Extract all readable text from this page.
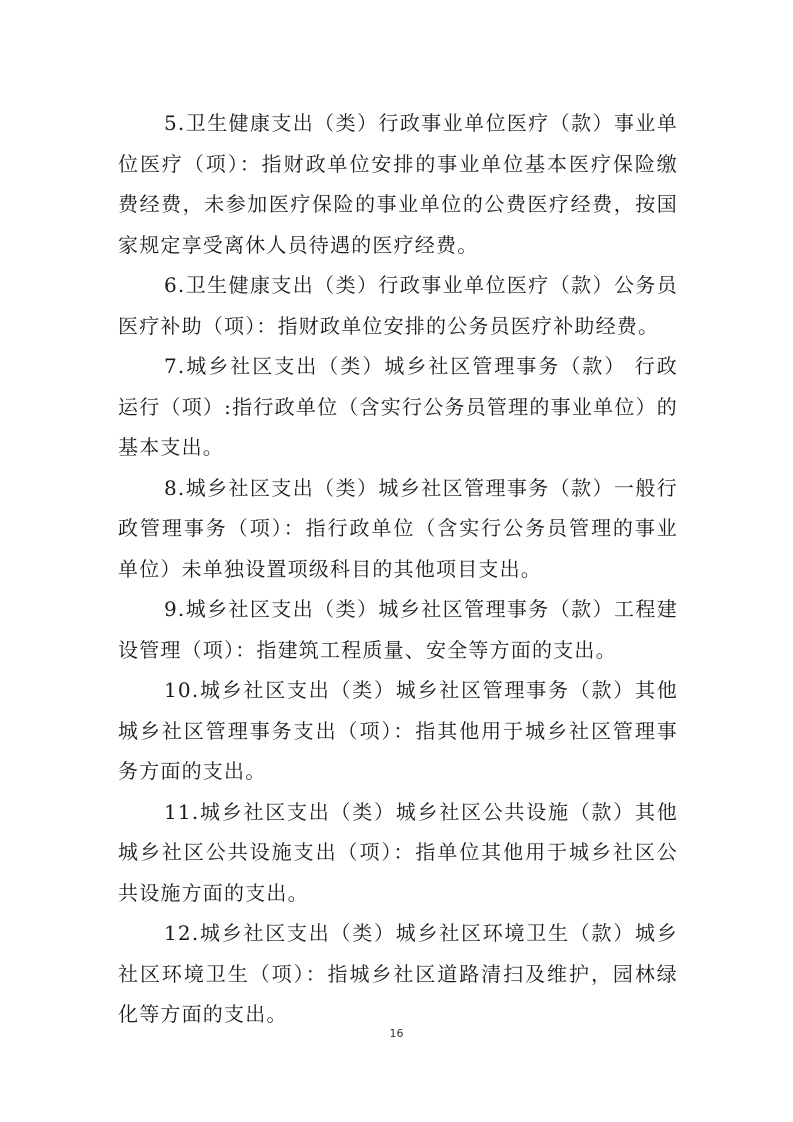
5.卫生健康支出（类）行政事业单位医疗（款）事业单位医疗（项）：指财政单位安排的事业单位基本医疗保险缴费经费，未参加医疗保险的事业单位的公费医疗经费，按国家规定享受离休人员待遇的医疗经费。

6.卫生健康支出（类）行政事业单位医疗（款）公务员医疗补助（项）：指财政单位安排的公务员医疗补助经费。

7.城乡社区支出（类）城乡社区管理事务（款） 行政运行（项）:指行政单位（含实行公务员管理的事业单位）的基本支出。

8.城乡社区支出（类）城乡社区管理事务（款）一般行政管理事务（项）：指行政单位（含实行公务员管理的事业单位）未单独设置项级科目的其他项目支出。

9.城乡社区支出（类）城乡社区管理事务（款）工程建设管理（项）：指建筑工程质量、安全等方面的支出。

10.城乡社区支出（类）城乡社区管理事务（款）其他城乡社区管理事务支出（项）：指其他用于城乡社区管理事务方面的支出。

11.城乡社区支出（类）城乡社区公共设施（款）其他城乡社区公共设施支出（项）：指单位其他用于城乡社区公共设施方面的支出。

12.城乡社区支出（类）城乡社区环境卫生（款）城乡社区环境卫生（项）：指城乡社区道路清扫及维护，园林绿化等方面的支出。

16
